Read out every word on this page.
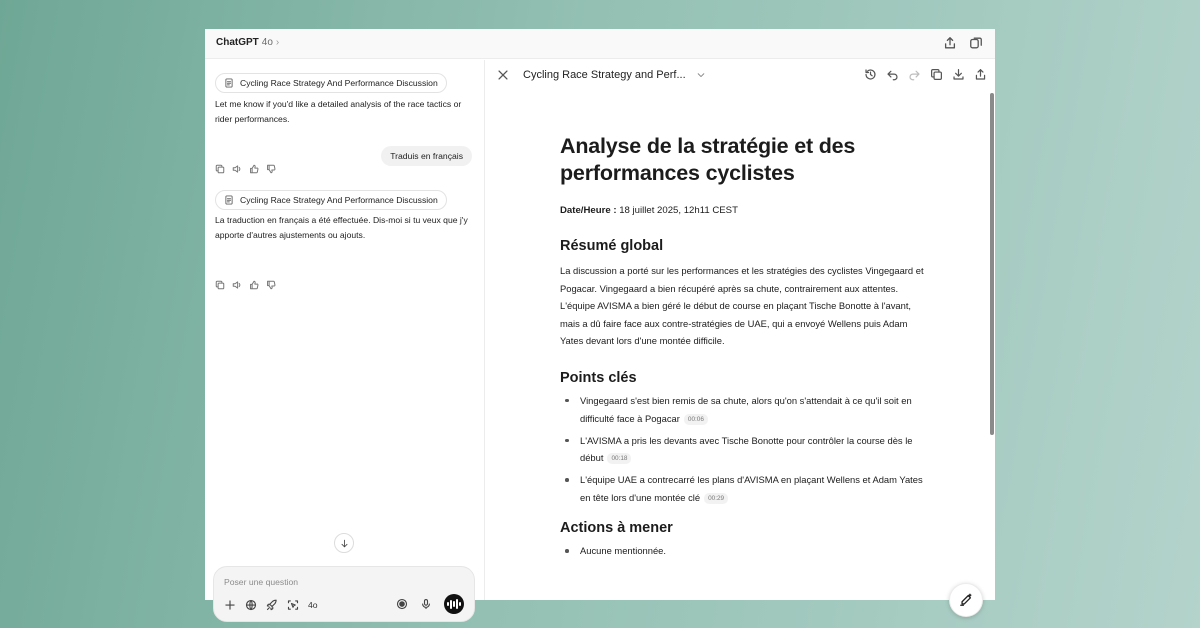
ChatGPT 4o ›
Cycling Race Strategy And Performance Discussion
Let me know if you'd like a detailed analysis of the race tactics or rider performances.
Traduis en français
Cycling Race Strategy And Performance Discussion
La traduction en français a été effectuée. Dis-moi si tu veux que j'y apporte d'autres ajustements ou ajouts.
Poser une question
4o
Cycling Race Strategy and Perf...
Analyse de la stratégie et des performances cyclistes
Date/Heure : 18 juillet 2025, 12h11 CEST
Résumé global

La discussion a porté sur les performances et les stratégies des cyclistes Vingegaard et Pogacar. Vingegaard a bien récupéré après sa chute, contrairement aux attentes. L'équipe AVISMA a bien géré le début de course en plaçant Tische Bonotte à l'avant, mais a dû faire face aux contre-stratégies de UAE, qui a envoyé Wellens puis Adam Yates devant lors d'une montée difficile.

Points clés
Vingegaard s'est bien remis de sa chute, alors qu'on s'attendait à ce qu'il soit en difficulté face à Pogacar 00:06
L'AVISMA a pris les devants avec Tische Bonotte pour contrôler la course dès le début 00:18
L'équipe UAE a contrecarré les plans d'AVISMA en plaçant Wellens et Adam Yates en tête lors d'une montée clé 00:29
Actions à mener
Aucune mentionnée.
